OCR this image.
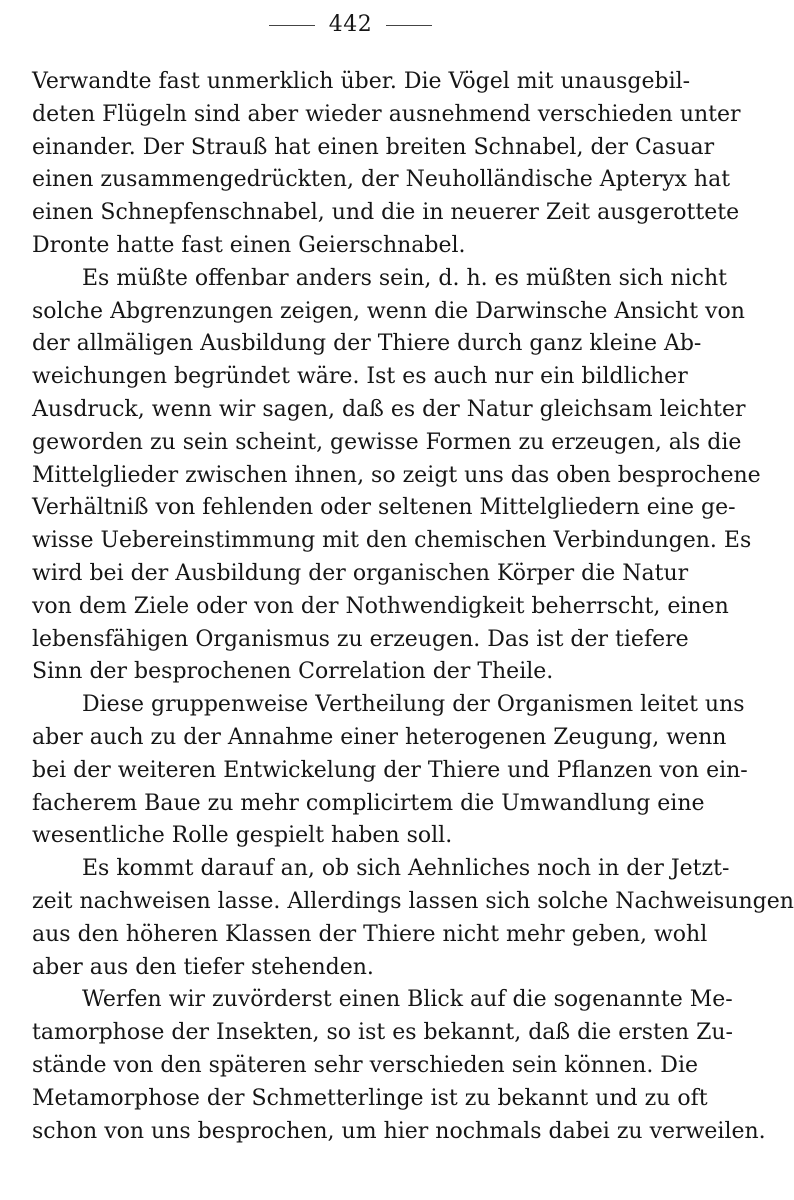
442

Verwandte fast unmerklich über. Die Vögel mit unausgebil-
deten Flügeln sind aber wieder ausnehmend verschieden unter
einander. Der Strauß hat einen breiten Schnabel, der Casuar
einen zusammengedrückten, der Neuholländische Apteryx hat
einen Schnepfenschnabel, und die in neuerer Zeit ausgerottete
Dronte hatte fast einen Geierschnabel.

Es müßte offenbar anders sein, d. h. es müßten sich nicht
solche Abgrenzungen zeigen, wenn die Darwinsche Ansicht von
der allmäligen Ausbildung der Thiere durch ganz kleine Ab-
weichungen begründet wäre. Ist es auch nur ein bildlicher
Ausdruck, wenn wir sagen, daß es der Natur gleichsam leichter
geworden zu sein scheint, gewisse Formen zu erzeugen, als die
Mittelglieder zwischen ihnen, so zeigt uns das oben besprochene
Verhältniß von fehlenden oder seltenen Mittelgliedern eine ge-
wisse Uebereinstimmung mit den chemischen Verbindungen. Es
wird bei der Ausbildung der organischen Körper die Natur
von dem Ziele oder von der Nothwendigkeit beherrscht, einen
lebensfähigen Organismus zu erzeugen. Das ist der tiefere
Sinn der besprochenen Correlation der Theile.

Diese gruppenweise Vertheilung der Organismen leitet uns
aber auch zu der Annahme einer heterogenen Zeugung, wenn
bei der weiteren Entwickelung der Thiere und Pflanzen von ein-
facherem Baue zu mehr complicirtem die Umwandlung eine
wesentliche Rolle gespielt haben soll.

Es kommt darauf an, ob sich Aehnliches noch in der Jetzt-
zeit nachweisen lasse. Allerdings lassen sich solche Nachweisungen
aus den höheren Klassen der Thiere nicht mehr geben, wohl
aber aus den tiefer stehenden.

Werfen wir zuvörderst einen Blick auf die sogenannte Me-
tamorphose der Insekten, so ist es bekannt, daß die ersten Zu-
stände von den späteren sehr verschieden sein können. Die
Metamorphose der Schmetterlinge ist zu bekannt und zu oft
schon von uns besprochen, um hier nochmals dabei zu verweilen.
